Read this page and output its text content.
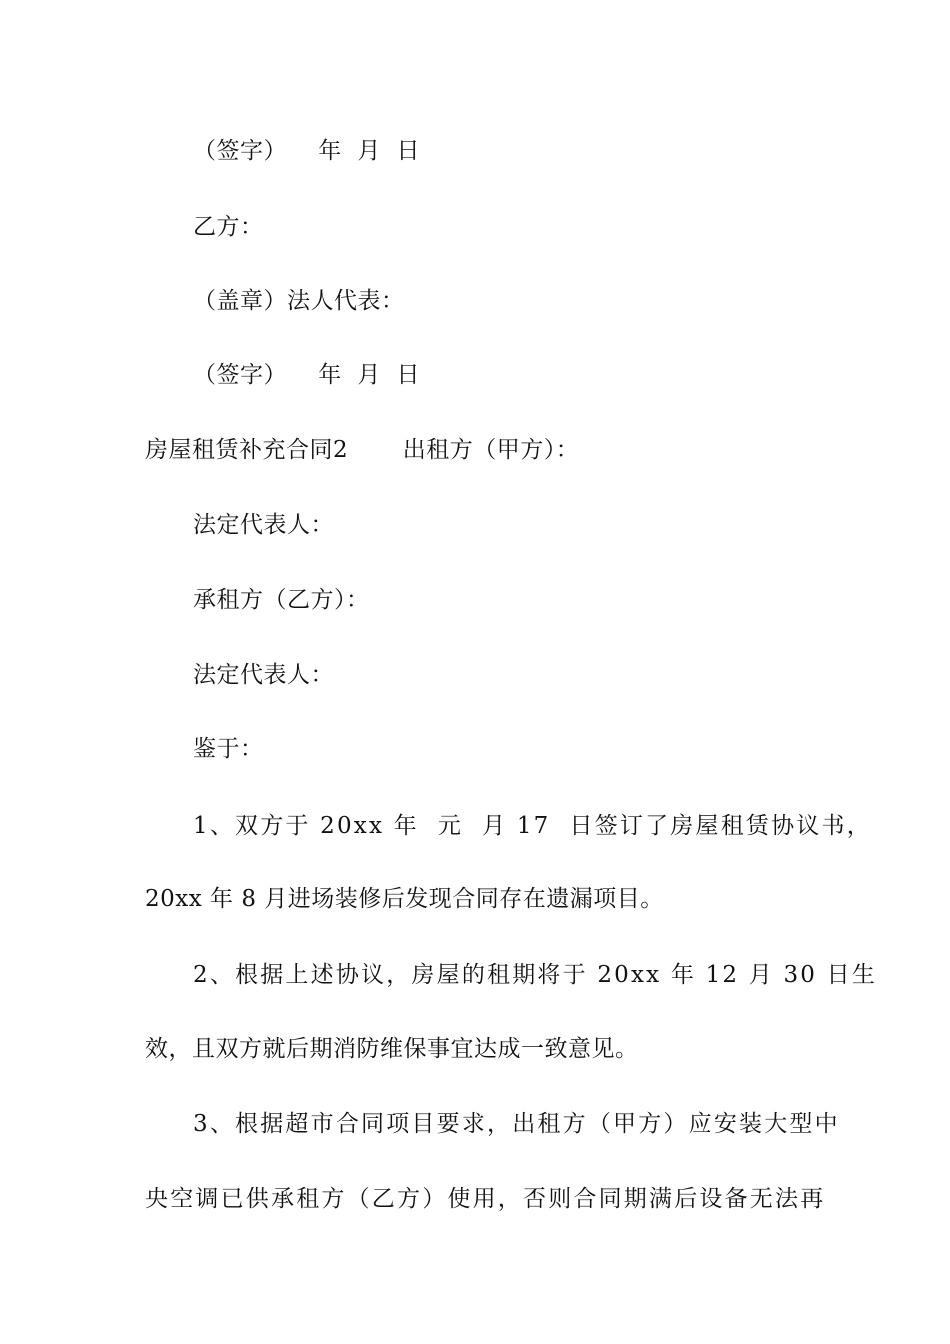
（签字）    年  月  日
乙方：
（盖章）法人代表：
（签字）    年  月  日
房屋租赁补充合同2       出租方（甲方）：
法定代表人：
承租方（乙方）：
法定代表人：
鉴于：
1、双方于 20xx 年  元  月 17  日签订了房屋租赁协议书，
20xx 年 8 月进场装修后发现合同存在遗漏项目。
2、根据上述协议，房屋的租期将于 20xx 年 12 月 30 日生
效，且双方就后期消防维保事宜达成一致意见。
3、根据超市合同项目要求，出租方（甲方）应安装大型中
央空调已供承租方（乙方）使用，否则合同期满后设备无法再
